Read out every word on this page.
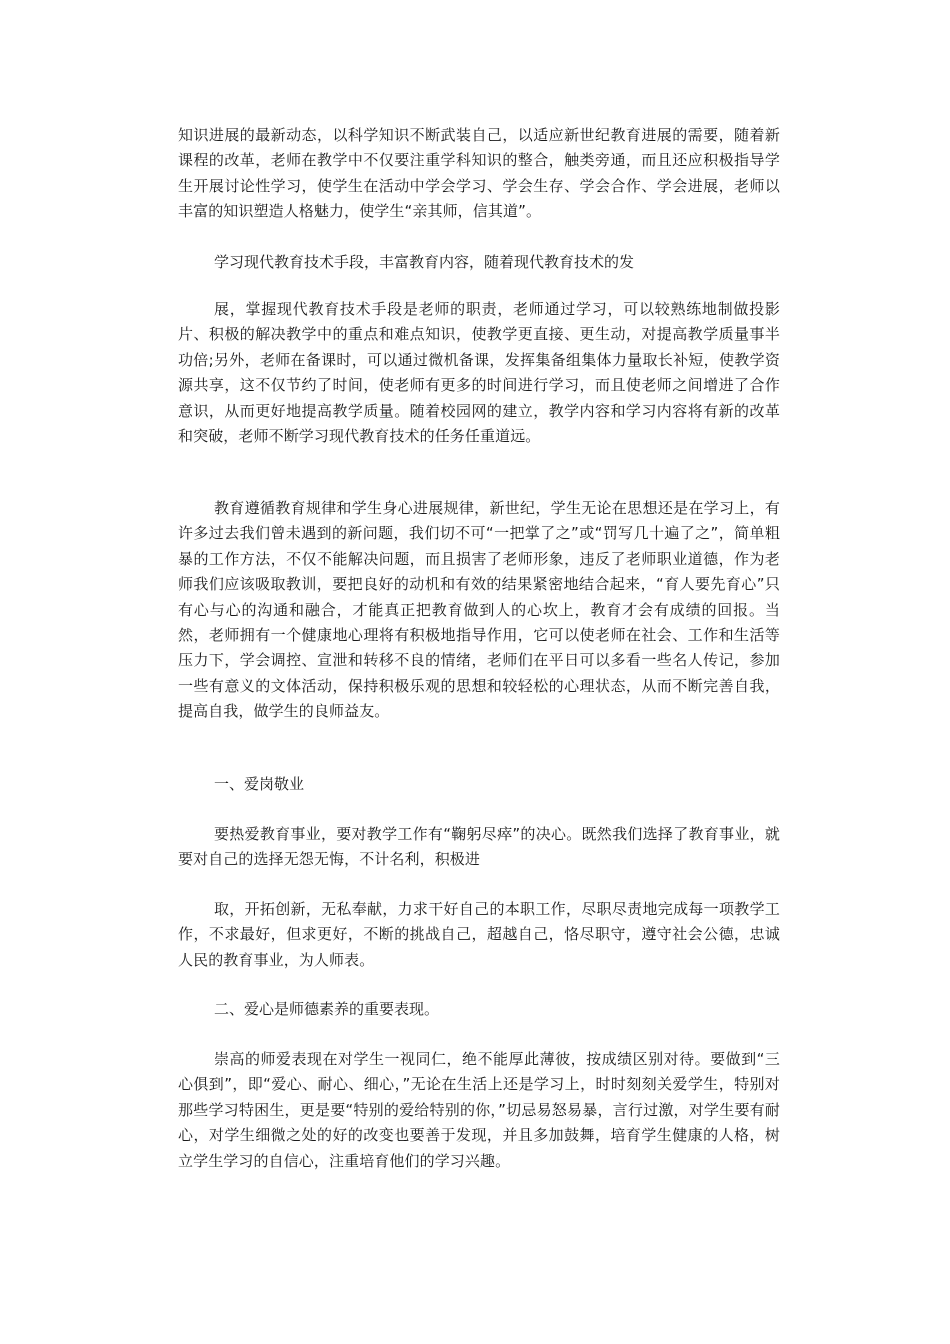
知识进展的最新动态，以科学知识不断武装自己，以适应新世纪教育进展的需要，随着新课程的改革，老师在教学中不仅要注重学科知识的整合，触类旁通，而且还应积极指导学生开展讨论性学习，使学生在活动中学会学习、学会生存、学会合作、学会进展，老师以丰富的知识塑造人格魅力，使学生“亲其师，信其道”。

学习现代教育技术手段，丰富教育内容，随着现代教育技术的发

展，掌握现代教育技术手段是老师的职责，老师通过学习，可以较熟练地制做投影片、积极的解决教学中的重点和难点知识，使教学更直接、更生动，对提高教学质量事半功倍;另外，老师在备课时，可以通过微机备课，发挥集备组集体力量取长补短，使教学资源共享，这不仅节约了时间，使老师有更多的时间进行学习，而且使老师之间增进了合作意识，从而更好地提高教学质量。随着校园网的建立，教学内容和学习内容将有新的改革和突破，老师不断学习现代教育技术的任务任重道远。

教育遵循教育规律和学生身心进展规律，新世纪，学生无论在思想还是在学习上，有许多过去我们曾未遇到的新问题，我们切不可“一把掌了之”或“罚写几十遍了之”，简单粗暴的工作方法，不仅不能解决问题，而且损害了老师形象，违反了老师职业道德，作为老师我们应该吸取教训，要把良好的动机和有效的结果紧密地结合起来，“育人要先育心”只有心与心的沟通和融合，才能真正把教育做到人的心坎上，教育才会有成绩的回报。当然，老师拥有一个健康地心理将有积极地指导作用，它可以使老师在社会、工作和生活等压力下，学会调控、宣泄和转移不良的情绪，老师们在平日可以多看一些名人传记，参加一些有意义的文体活动，保持积极乐观的思想和较轻松的心理状态，从而不断完善自我，提高自我，做学生的良师益友。

一、爱岗敬业

要热爱教育事业，要对教学工作有“鞠躬尽瘁”的决心。既然我们选择了教育事业，就要对自己的选择无怨无悔，不计名利，积极进

取，开拓创新，无私奉献，力求干好自己的本职工作，尽职尽责地完成每一项教学工作，不求最好，但求更好，不断的挑战自己，超越自己，恪尽职守，遵守社会公德，忠诚人民的教育事业，为人师表。

二、爱心是师德素养的重要表现。

崇高的师爱表现在对学生一视同仁，绝不能厚此薄彼，按成绩区别对待。要做到“三心俱到”，即“爱心、耐心、细心，”无论在生活上还是学习上，时时刻刻关爱学生，特别对那些学习特困生，更是要“特别的爱给特别的你，”切忌易怒易暴，言行过激，对学生要有耐心，对学生细微之处的好的改变也要善于发现，并且多加鼓舞，培育学生健康的人格，树立学生学习的自信心，注重培育他们的学习兴趣。
